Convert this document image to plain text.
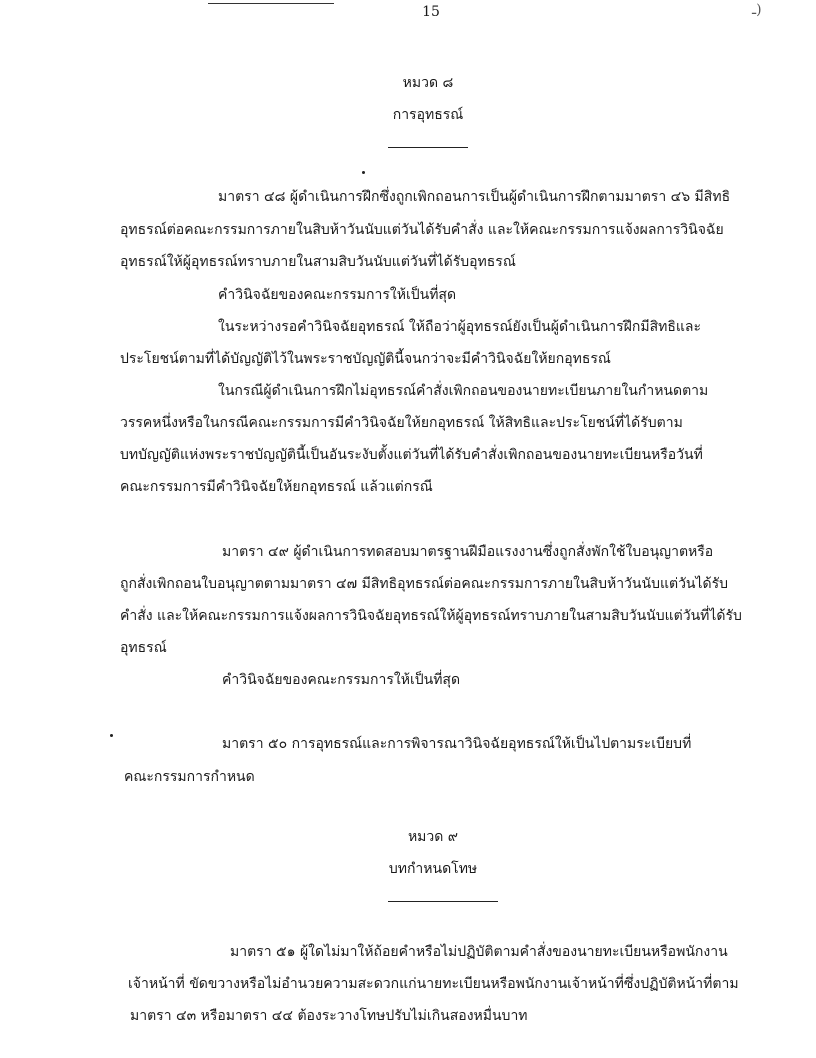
15	ـ)
หมวด ๘
การอุทธรณ์
มาตรา ๔๘ ผู้ดำเนินการฝึกซึ่งถูกเพิกถอนการเป็นผู้ดำเนินการฝึกตามมาตรา ๔๖ มีสิทธิ
อุทธรณ์ต่อคณะกรรมการภายในสิบห้าวันนับแต่วันได้รับคำสั่ง และให้คณะกรรมการแจ้งผลการวินิจฉัย
อุทธรณ์ให้ผู้อุทธรณ์ทราบภายในสามสิบวันนับแต่วันที่ได้รับอุทธรณ์
คำวินิจฉัยของคณะกรรมการให้เป็นที่สุด
ในระหว่างรอคำวินิจฉัยอุทธรณ์ ให้ถือว่าผู้อุทธรณ์ยังเป็นผู้ดำเนินการฝึกมีสิทธิและ
ประโยชน์ตามที่ได้บัญญัติไว้ในพระราชบัญญัตินี้จนกว่าจะมีคำวินิจฉัยให้ยกอุทธรณ์
ในกรณีผู้ดำเนินการฝึกไม่อุทธรณ์คำสั่งเพิกถอนของนายทะเบียนภายในกำหนดตาม
วรรคหนึ่งหรือในกรณีคณะกรรมการมีคำวินิจฉัยให้ยกอุทธรณ์ ให้สิทธิและประโยชน์ที่ได้รับตาม
บทบัญญัติแห่งพระราชบัญญัตินี้เป็นอันระงับตั้งแต่วันที่ได้รับคำสั่งเพิกถอนของนายทะเบียนหรือวันที่
คณะกรรมการมีคำวินิจฉัยให้ยกอุทธรณ์ แล้วแต่กรณี
มาตรา ๔๙ ผู้ดำเนินการทดสอบมาตรฐานฝีมือแรงงานซึ่งถูกสั่งพักใช้ใบอนุญาตหรือ
ถูกสั่งเพิกถอนใบอนุญาตตามมาตรา ๔๗ มีสิทธิอุทธรณ์ต่อคณะกรรมการภายในสิบห้าวันนับแต่วันได้รับ
คำสั่ง และให้คณะกรรมการแจ้งผลการวินิจฉัยอุทธรณ์ให้ผู้อุทธรณ์ทราบภายในสามสิบวันนับแต่วันที่ได้รับ
อุทธรณ์
คำวินิจฉัยของคณะกรรมการให้เป็นที่สุด
มาตรา ๕๐ การอุทธรณ์และการพิจารณาวินิจฉัยอุทธรณ์ให้เป็นไปตามระเบียบที่
คณะกรรมการกำหนด
หมวด ๙
บทกำหนดโทษ
มาตรา ๕๑ ผู้ใดไม่มาให้ถ้อยคำหรือไม่ปฏิบัติตามคำสั่งของนายทะเบียนหรือพนักงาน
เจ้าหน้าที่ ขัดขวางหรือไม่อำนวยความสะดวกแก่นายทะเบียนหรือพนักงานเจ้าหน้าที่ซึ่งปฏิบัติหน้าที่ตาม
มาตรา ๔๓ หรือมาตรา ๔๔ ต้องระวางโทษปรับไม่เกินสองหมื่นบาท
